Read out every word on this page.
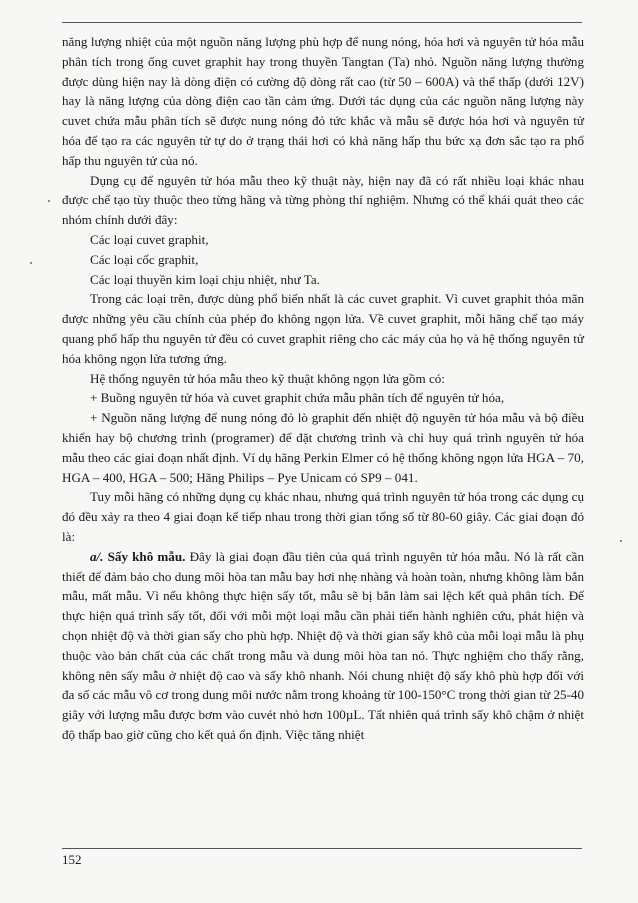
năng lượng nhiệt của một nguồn năng lượng phù hợp để nung nóng, hóa hơi và nguyên tử hóa mẫu phân tích trong ống cuvet graphit hay trong thuyền Tangtan (Ta) nhỏ. Nguồn năng lượng thường được dùng hiện nay là dòng điện có cường độ dòng rất cao (từ 50 – 600A) và thế thấp (dưới 12V) hay là năng lượng của dòng điện cao tần cảm ứng. Dưới tác dụng của các nguồn năng lượng này cuvet chứa mẫu phân tích sẽ được nung nóng đỏ tức khắc và mẫu sẽ được hóa hơi và nguyên tử hóa để tạo ra các nguyên tử tự do ở trạng thái hơi có khả năng hấp thu bức xạ đơn sắc tạo ra phổ hấp thu nguyên tử của nó.

Dụng cụ để nguyên tử hóa mẫu theo kỹ thuật này, hiện nay đã có rất nhiều loại khác nhau được chế tạo tùy thuộc theo từng hãng và từng phòng thí nghiệm. Nhưng có thể khái quát theo các nhóm chính dưới đây:

Các loại cuvet graphit,

Các loại cốc graphit,

Các loại thuyền kim loại chịu nhiệt, như Ta.

Trong các loại trên, được dùng phổ biến nhất là các cuvet graphit. Vì cuvet graphit thỏa mãn được những yêu cầu chính của phép đo không ngọn lửa. Về cuvet graphit, mỗi hãng chế tạo máy quang phổ hấp thu nguyên tử đều có cuvet graphit riêng cho các máy của họ và hệ thống nguyên tử hóa không ngọn lửa tương ứng.

Hệ thống nguyên tử hóa mẫu theo kỹ thuật không ngọn lửa gồm có:

+ Buồng nguyên tử hóa và cuvet graphit chứa mẫu phân tích để nguyên tử hóa,

+ Nguồn năng lượng để nung nóng đỏ lò graphit đến nhiệt độ nguyên tử hóa mẫu và bộ điều khiển hay bộ chương trình (programer) để đặt chương trình và chỉ huy quá trình nguyên tử hóa mẫu theo các giai đoạn nhất định. Ví dụ hãng Perkin Elmer có hệ thống không ngọn lửa HGA – 70, HGA – 400, HGA – 500; Hãng Philips – Pye Unicam có SP9 – 041.

Tuy mỗi hãng có những dụng cụ khác nhau, nhưng quá trình nguyên tử hóa trong các dụng cụ đó đều xảy ra theo 4 giai đoạn kế tiếp nhau trong thời gian tổng số từ 80-60 giây. Các giai đoạn đó là:

a/. Sấy khô mẫu. Đây là giai đoạn đầu tiên của quá trình nguyên tử hóa mẫu. Nó là rất cần thiết để đảm bảo cho dung môi hòa tan mẫu bay hơi nhẹ nhàng và hoàn toàn, nhưng không làm bắn mẫu, mất mẫu. Vì nếu không thực hiện sấy tốt, mẫu sẽ bị bắn làm sai lệch kết quả phân tích. Để thực hiện quá trình sấy tốt, đối với mỗi một loại mẫu cần phải tiến hành nghiên cứu, phát hiện và chọn nhiệt độ và thời gian sấy cho phù hợp. Nhiệt độ và thời gian sấy khô của mỗi loại mẫu là phụ thuộc vào bản chất của các chất trong mẫu và dung môi hòa tan nó. Thực nghiệm cho thấy rằng, không nên sấy mẫu ở nhiệt độ cao và sấy khô nhanh. Nói chung nhiệt độ sấy khô phù hợp đối với đa số các mẫu vô cơ trong dung môi nước nằm trong khoảng từ 100-150°C trong thời gian từ 25-40 giây với lượng mẫu được bơm vào cuvét nhỏ hơn 100µL. Tất nhiên quá trình sấy khô chậm ở nhiệt độ thấp bao giờ cũng cho kết quả ổn định. Việc tăng nhiệt

152
